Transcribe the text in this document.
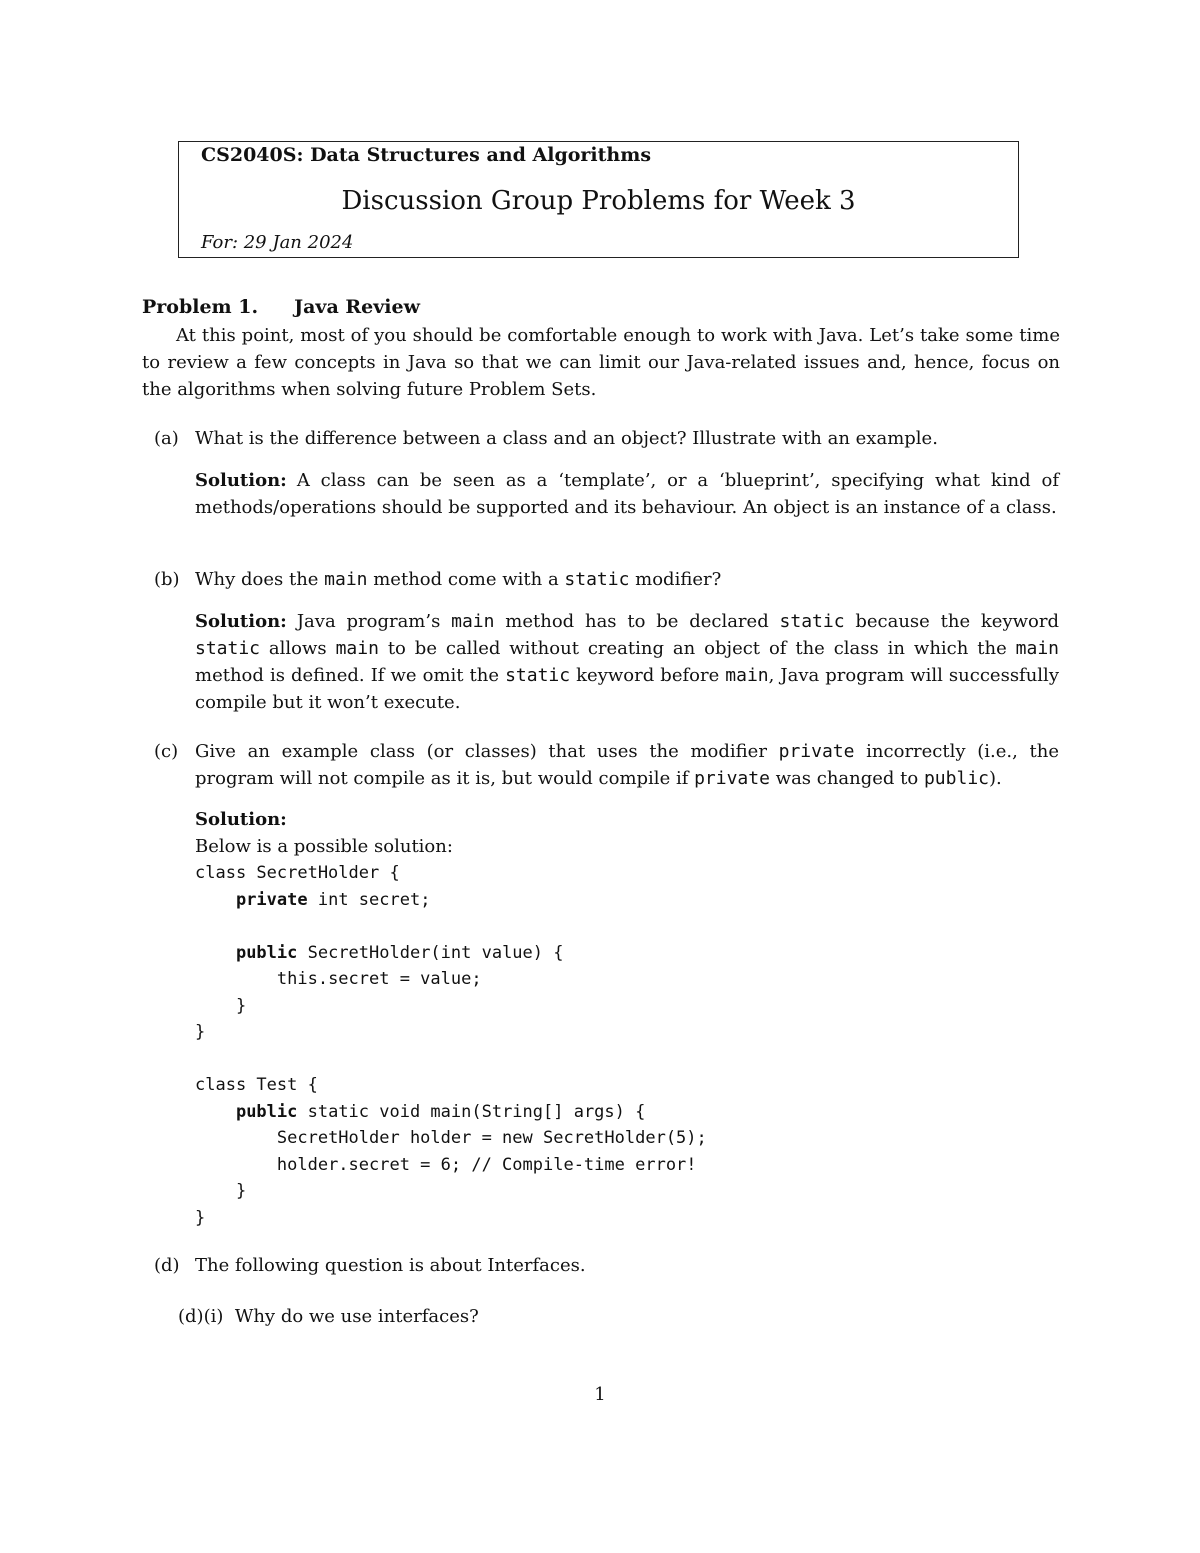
CS2040S: Data Structures and Algorithms
Discussion Group Problems for Week 3
For: 29 Jan 2024
Problem 1. Java Review
At this point, most of you should be comfortable enough to work with Java. Let’s take some time to review a few concepts in Java so that we can limit our Java-related issues and, hence, focus on the algorithms when solving future Problem Sets.
(a) What is the difference between a class and an object? Illustrate with an example.
Solution: A class can be seen as a ‘template’, or a ‘blueprint’, specifying what kind of methods/operations should be supported and its behaviour. An object is an instance of a class.
(b) Why does the main method come with a static modifier?
Solution: Java program’s main method has to be declared static because the keyword static allows main to be called without creating an object of the class in which the main method is defined. If we omit the static keyword before main, Java program will successfully compile but it won’t execute.
(c) Give an example class (or classes) that uses the modifier private incorrectly (i.e., the program will not compile as it is, but would compile if private was changed to public).
Solution:
Below is a possible solution:
class SecretHolder {
private int secret;

public SecretHolder(int value) {
this.secret = value;
}
}

class Test {
public static void main(String[] args) {
SecretHolder holder = new SecretHolder(5);
holder.secret = 6; // Compile-time error!
}
}
(d) The following question is about Interfaces.
(d)(i) Why do we use interfaces?
1
